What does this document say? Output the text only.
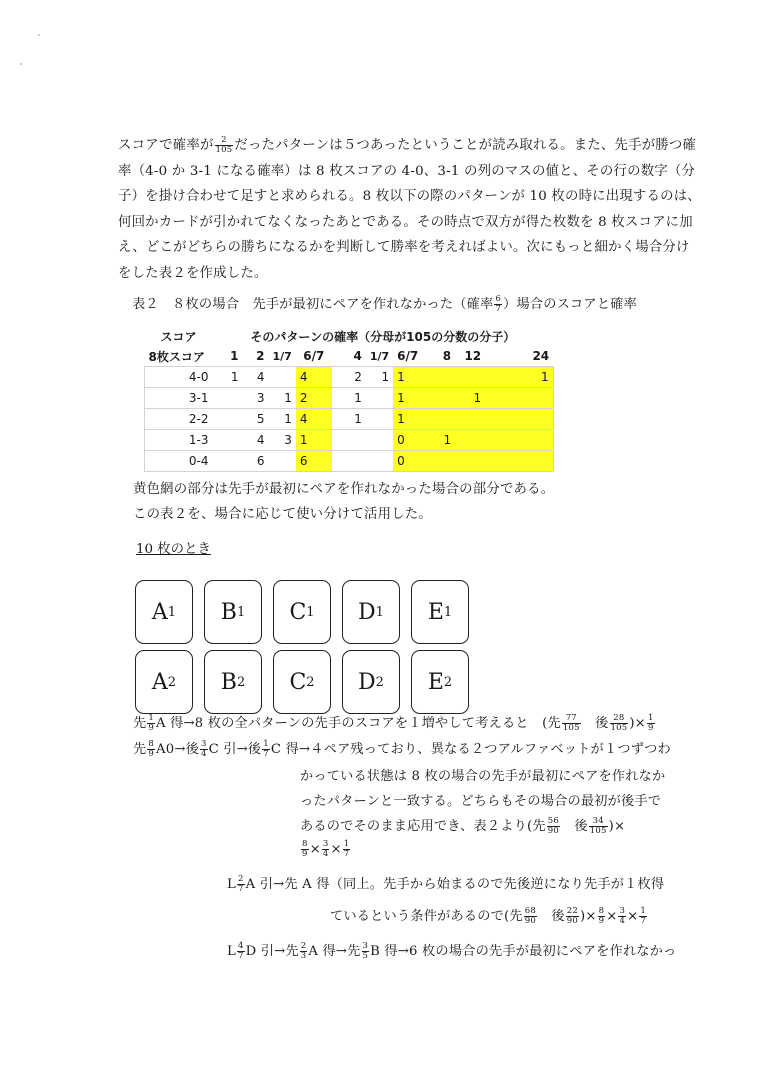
スコアで確率が $\frac{2}{105}$ だったパターンは５つあったということが読み取れる。また、先手が勝つ確
率（4-0 か 3-1 になる確率）は 8 枚スコアの 4-0、3-1 の列のマスの値と、その行の数字（分
子）を掛け合わせて足すと求められる。8 枚以下の際のパターンが 10 枚の時に出現するのは、
何回かカードが引かれてなくなったあとである。その時点で双方が得た枚数を 8 枚スコアに加
え、どこがどちらの勝ちになるかを判断して勝率を考えればよい。次にもっと細かく場合分け
をした表２を作成した。
表２　８枚の場合　先手が最初にペアを作れなかった（確率 $\frac{6}{7}$ ）場合のスコアと確率
スコア	そのパターンの確率（分母が105の分数の分子）									
8枚スコア	1	2	1/7	6/7	4	1/7	6/7	8	12	24
4-0	1	4		4	2	1	1			1
3-1		3	1	2	1		1		1	
2-2		5	1	4	1		1			
1-3		4	3	1			0	1		
0-4		6		6			0			
黄色網の部分は先手が最初にペアを作れなかった場合の部分である。
この表２を、場合に応じて使い分けて活用した。
10 枚のとき
A 1 B 1 C 1 D 1 E 1
A 2 B 2 C 2 D 2 E 2
先 $\frac{1}{9}$ A 得→8 枚の全パターンの先手のスコアを１増やして考えると　(先 $\frac{77}{105}$ 　後 $\frac{28}{105}$ )× $\frac{1}{9}$
先 $\frac{8}{9} A0\to$後 $\frac{3}{4}$ C 引→後 $\frac{1}{7}$ C 得→４ペア残っており、異なる２つアルファベットが１つずつわ
かっている状態は 8 枚の場合の先手が最初にペアを作れなか
ったパターンと一致する。どちらもその場合の最初が後手で
あるのでそのまま応用でき、表２より(先 $\frac{56}{90}$ 　後 $\frac{34}{105}$ )×
$\frac{8}{9} \times \frac{3}{4} \times \frac{1}{7}$
L $\frac{2}{7}$ A 引→先 A 得（同上。先手から始まるので先後逆になり先手が１枚得
ているという条件があるので(先 $\frac{68}{90}$ 　後 $\frac{22}{90}$ )× $\frac{8}{9} \times \frac{3}{4} \times \frac{1}{7}$
L $\frac{4}{7}$ D 引→先 $\frac{2}{3}$ A 得→先 $\frac{3}{5}$ B 得→6 枚の場合の先手が最初にペアを作れなかっ
